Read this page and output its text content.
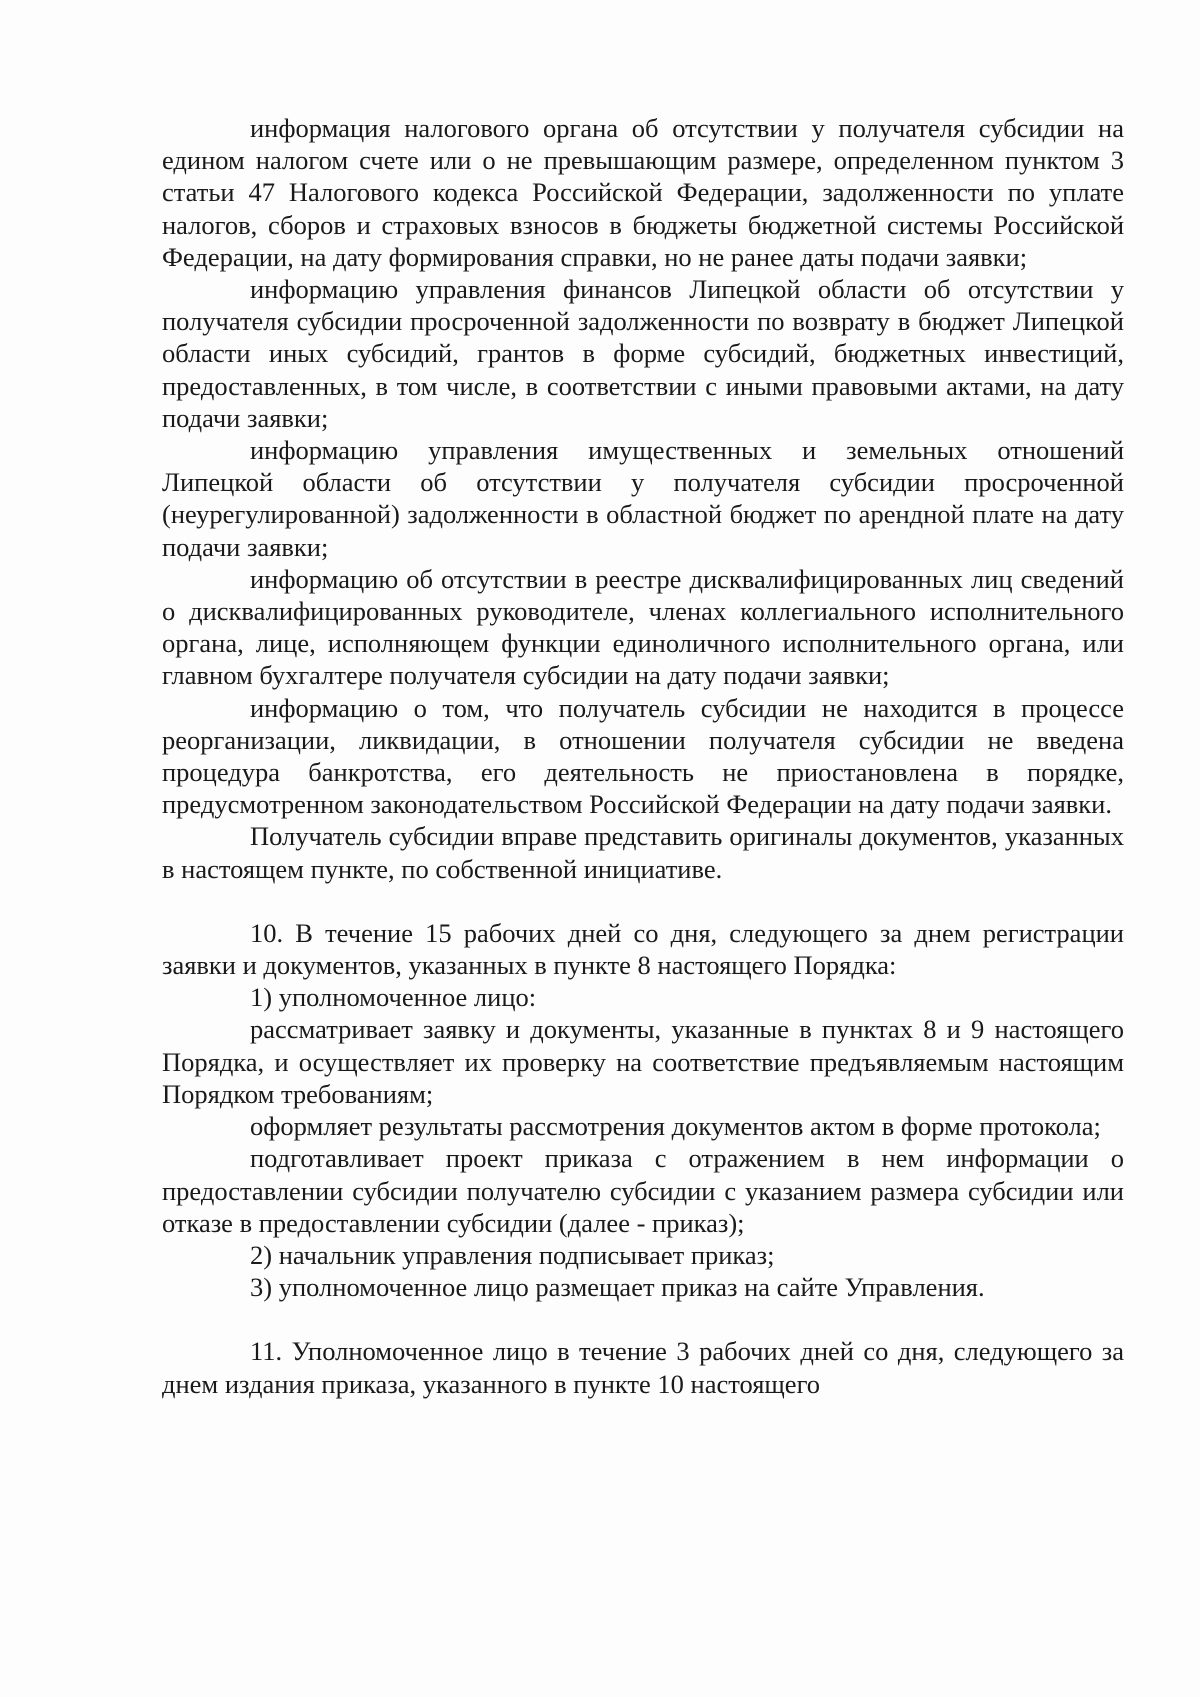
информация налогового органа об отсутствии у получателя субсидии на едином налогом счете или о не превышающим размере, определенном пунктом 3 статьи 47 Налогового кодекса Российской Федерации, задолженности по уплате налогов, сборов и страховых взносов в бюджеты бюджетной системы Российской Федерации, на дату формирования справки, но не ранее даты подачи заявки;

информацию управления финансов Липецкой области об отсутствии у получателя субсидии просроченной задолженности по возврату в бюджет Липецкой области иных субсидий, грантов в форме субсидий, бюджетных инвестиций, предоставленных, в том числе, в соответствии с иными правовыми актами, на дату подачи заявки;

информацию управления имущественных и земельных отношений Липецкой области об отсутствии у получателя субсидии просроченной (неурегулированной) задолженности в областной бюджет по арендной плате на дату подачи заявки;

информацию об отсутствии в реестре дисквалифицированных лиц сведений о дисквалифицированных руководителе, членах коллегиального исполнительного органа, лице, исполняющем функции единоличного исполнительного органа, или главном бухгалтере получателя субсидии на дату подачи заявки;

информацию о том, что получатель субсидии не находится в процессе реорганизации, ликвидации, в отношении получателя субсидии не введена процедура банкротства, его деятельность не приостановлена в порядке, предусмотренном законодательством Российской Федерации на дату подачи заявки.

Получатель субсидии вправе представить оригиналы документов, указанных в настоящем пункте, по собственной инициативе.

10. В течение 15 рабочих дней со дня, следующего за днем регистрации заявки и документов, указанных в пункте 8 настоящего Порядка:

1) уполномоченное лицо:

рассматривает заявку и документы, указанные в пунктах 8 и 9 настоящего Порядка, и осуществляет их проверку на соответствие предъявляемым настоящим Порядком требованиям;

оформляет результаты рассмотрения документов актом в форме протокола;

подготавливает проект приказа с отражением в нем информации о предоставлении субсидии получателю субсидии с указанием размера субсидии или отказе в предоставлении субсидии (далее - приказ);

2) начальник управления подписывает приказ;

3) уполномоченное лицо размещает приказ на сайте Управления.

11. Уполномоченное лицо в течение 3 рабочих дней со дня, следующего за днем издания приказа, указанного в пункте 10 настоящего
